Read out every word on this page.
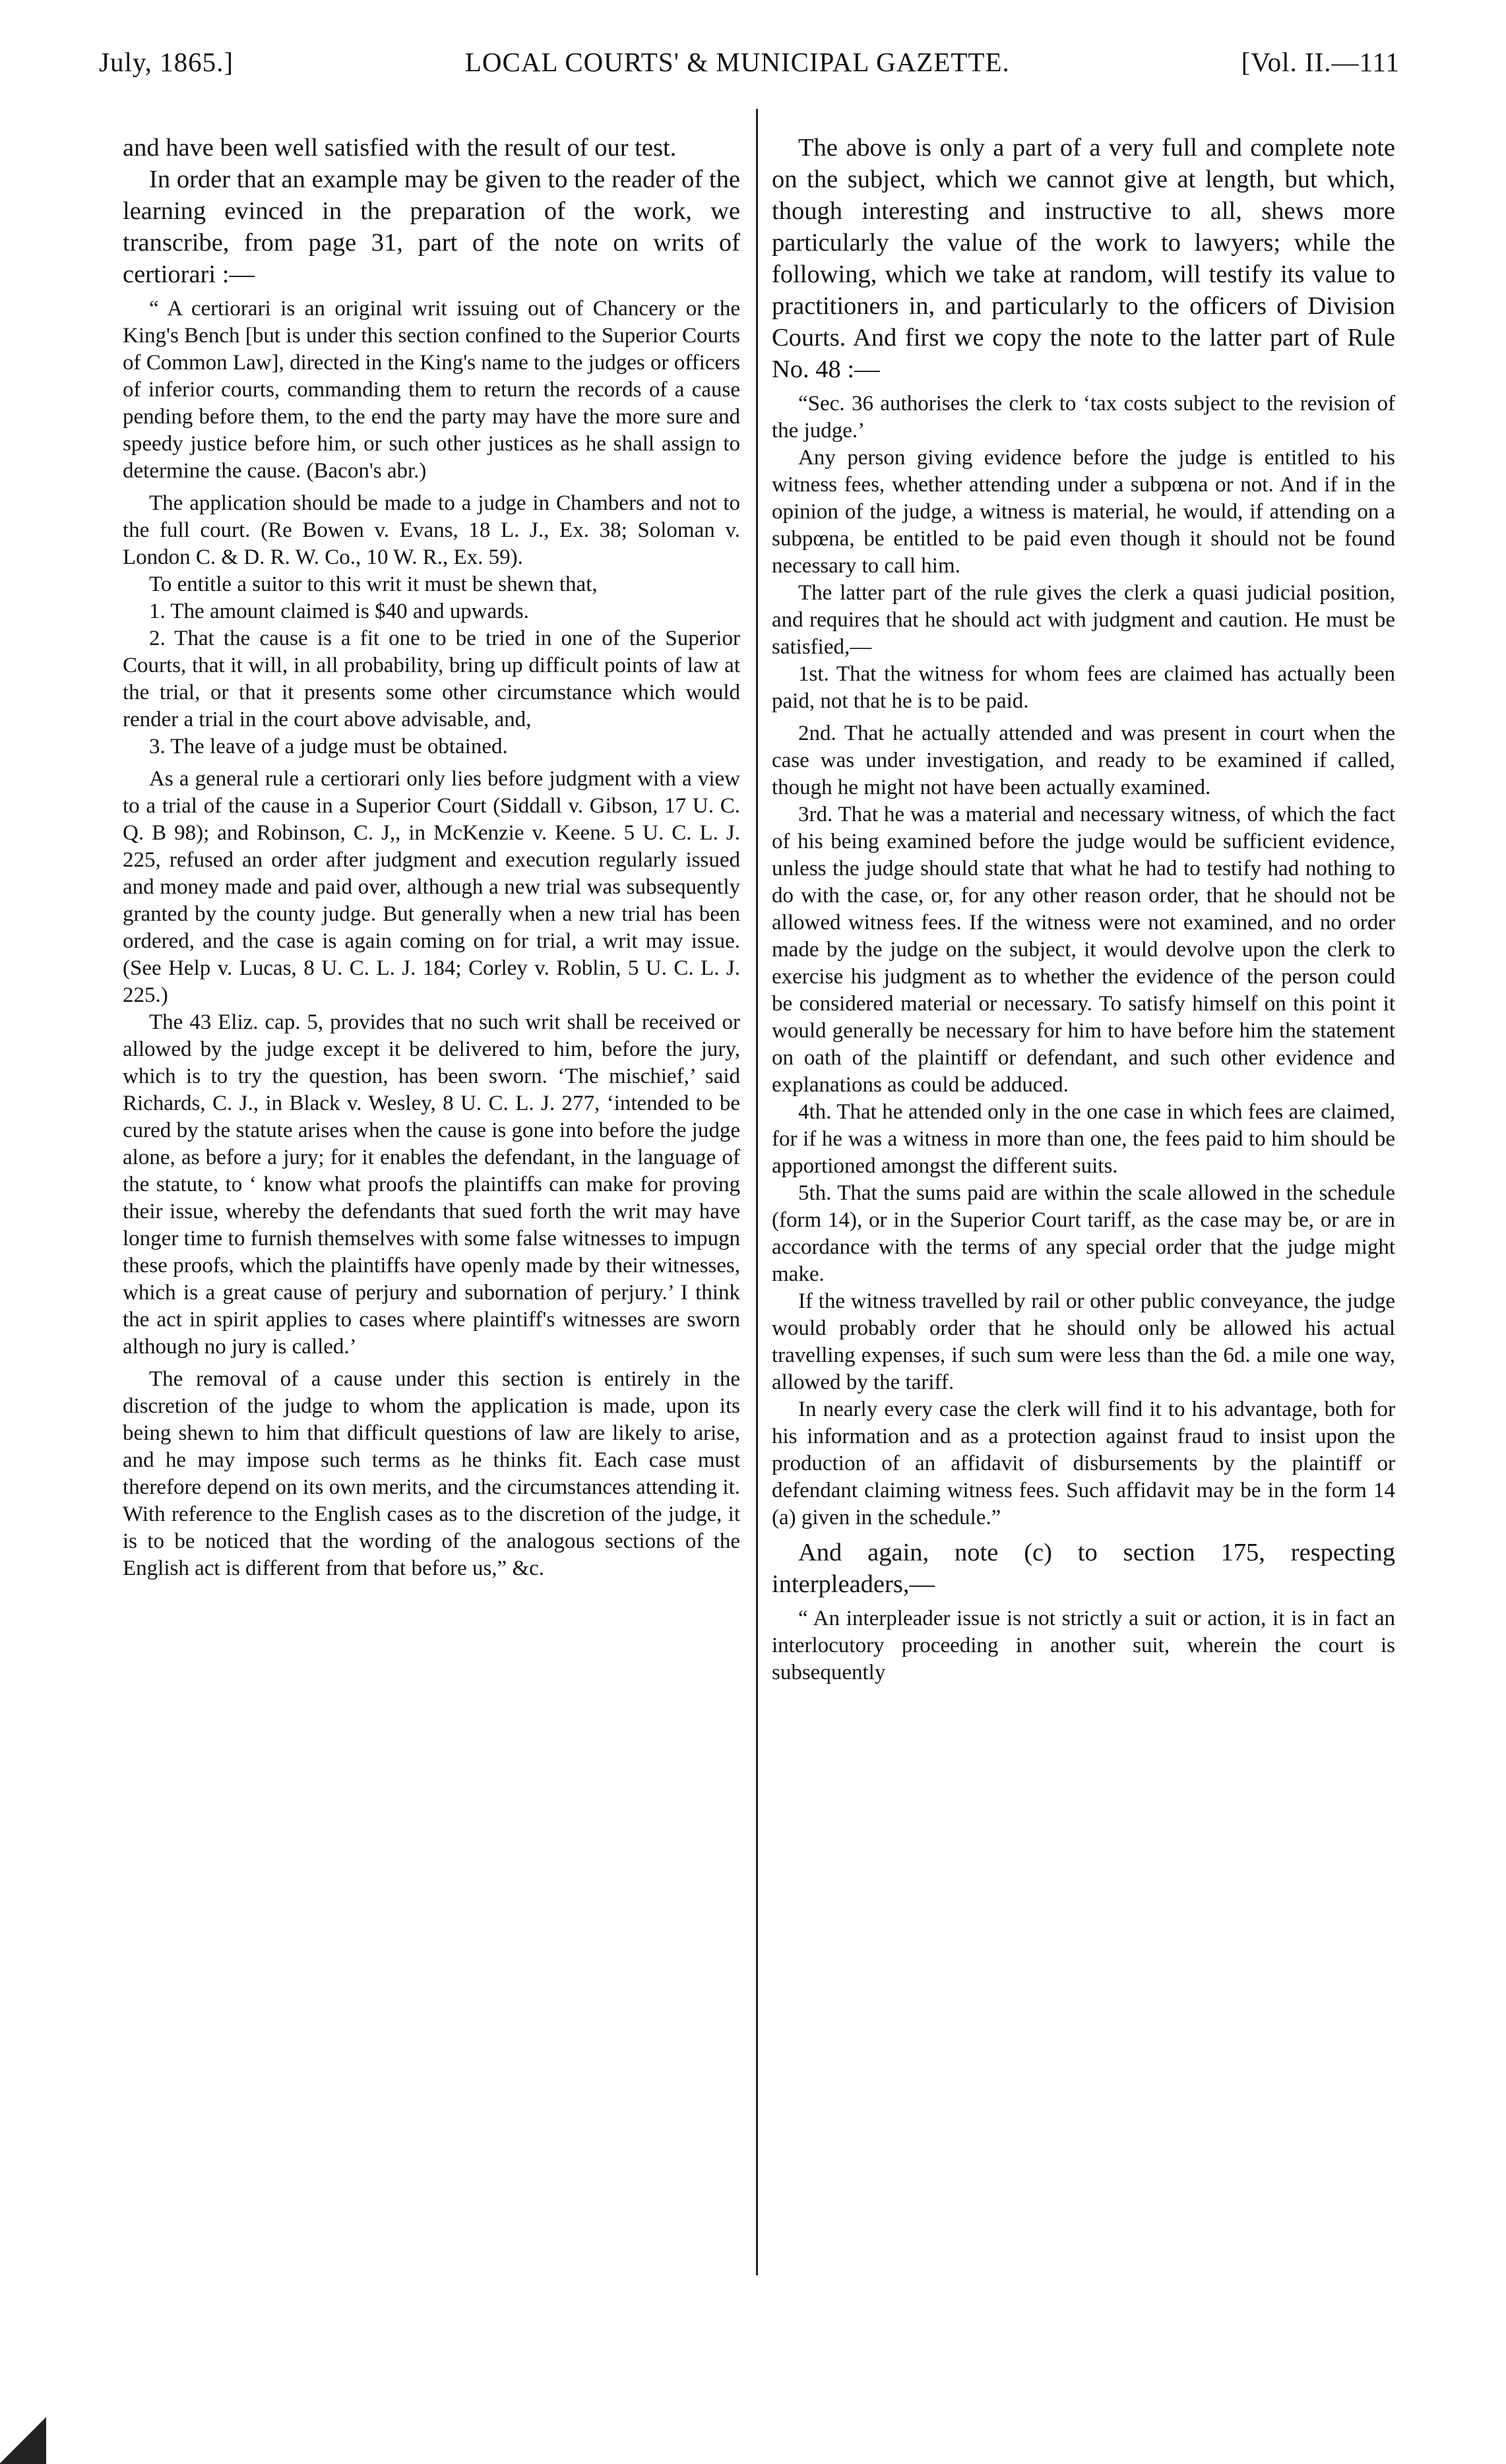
July, 1865.]	LOCAL COURTS' & MUNICIPAL GAZETTE.	[Vol. II.—111

and have been well satisfied with the result of our test.

In order that an example may be given to the reader of the learning evinced in the preparation of the work, we transcribe, from page 31, part of the note on writs of certiorari :—

“ A certiorari is an original writ issuing out of Chancery or the King's Bench [but is under this section confined to the Superior Courts of Common Law], directed in the King's name to the judges or officers of inferior courts, commanding them to return the records of a cause pending before them, to the end the party may have the more sure and speedy justice before him, or such other justices as he shall assign to determine the cause. (Bacon's abr.)

The application should be made to a judge in Chambers and not to the full court. (Re Bowen v. Evans, 18 L. J., Ex. 38; Soloman v. London C. & D. R. W. Co., 10 W. R., Ex. 59).

To entitle a suitor to this writ it must be shewn that,

1. The amount claimed is $40 and upwards.

2. That the cause is a fit one to be tried in one of the Superior Courts, that it will, in all probability, bring up difficult points of law at the trial, or that it presents some other circumstance which would render a trial in the court above advisable, and,

3. The leave of a judge must be obtained.

As a general rule a certiorari only lies before judgment with a view to a trial of the cause in a Superior Court (Siddall v. Gibson, 17 U. C. Q. B 98); and Robinson, C. J,, in McKenzie v. Keene. 5 U. C. L. J. 225, refused an order after judgment and execution regularly issued and money made and paid over, although a new trial was subsequently granted by the county judge. But generally when a new trial has been ordered, and the case is again coming on for trial, a writ may issue. (See Help v. Lucas, 8 U. C. L. J. 184; Corley v. Roblin, 5 U. C. L. J. 225.)

The 43 Eliz. cap. 5, provides that no such writ shall be received or allowed by the judge except it be delivered to him, before the jury, which is to try the question, has been sworn. ‘The mischief,’ said Richards, C. J., in Black v. Wesley, 8 U. C. L. J. 277, ‘intended to be cured by the statute arises when the cause is gone into before the judge alone, as before a jury; for it enables the defendant, in the language of the statute, to ‘ know what proofs the plaintiffs can make for proving their issue, whereby the defendants that sued forth the writ may have longer time to furnish themselves with some false witnesses to impugn these proofs, which the plaintiffs have openly made by their witnesses, which is a great cause of perjury and subornation of perjury.’ I think the act in spirit applies to cases where plaintiff's witnesses are sworn although no jury is called.’

The removal of a cause under this section is entirely in the discretion of the judge to whom the application is made, upon its being shewn to him that difficult questions of law are likely to arise, and he may impose such terms as he thinks fit. Each case must therefore depend on its own merits, and the circumstances attending it. With reference to the English cases as to the discretion of the judge, it is to be noticed that the wording of the analogous sections of the English act is different from that before us,” &c.

The above is only a part of a very full and complete note on the subject, which we cannot give at length, but which, though interesting and instructive to all, shews more particularly the value of the work to lawyers; while the following, which we take at random, will testify its value to practitioners in, and particularly to the officers of Division Courts. And first we copy the note to the latter part of Rule No. 48 :—

“Sec. 36 authorises the clerk to ‘tax costs subject to the revision of the judge.’

Any person giving evidence before the judge is entitled to his witness fees, whether attending under a subpœna or not. And if in the opinion of the judge, a witness is material, he would, if attending on a subpœna, be entitled to be paid even though it should not be found necessary to call him.

The latter part of the rule gives the clerk a quasi judicial position, and requires that he should act with judgment and caution. He must be satisfied,—

1st. That the witness for whom fees are claimed has actually been paid, not that he is to be paid.

2nd. That he actually attended and was present in court when the case was under investigation, and ready to be examined if called, though he might not have been actually examined.

3rd. That he was a material and necessary witness, of which the fact of his being examined before the judge would be sufficient evidence, unless the judge should state that what he had to testify had nothing to do with the case, or, for any other reason order, that he should not be allowed witness fees. If the witness were not examined, and no order made by the judge on the subject, it would devolve upon the clerk to exercise his judgment as to whether the evidence of the person could be considered material or necessary. To satisfy himself on this point it would generally be necessary for him to have before him the statement on oath of the plaintiff or defendant, and such other evidence and explanations as could be adduced.

4th. That he attended only in the one case in which fees are claimed, for if he was a witness in more than one, the fees paid to him should be apportioned amongst the different suits.

5th. That the sums paid are within the scale allowed in the schedule (form 14), or in the Superior Court tariff, as the case may be, or are in accordance with the terms of any special order that the judge might make.

If the witness travelled by rail or other public conveyance, the judge would probably order that he should only be allowed his actual travelling expenses, if such sum were less than the 6d. a mile one way, allowed by the tariff.

In nearly every case the clerk will find it to his advantage, both for his information and as a protection against fraud to insist upon the production of an affidavit of disbursements by the plaintiff or defendant claiming witness fees. Such affidavit may be in the form 14 (a) given in the schedule.”

And again, note (c) to section 175, respecting interpleaders,—

“ An interpleader issue is not strictly a suit or action, it is in fact an interlocutory proceeding in another suit, wherein the court is subsequently
